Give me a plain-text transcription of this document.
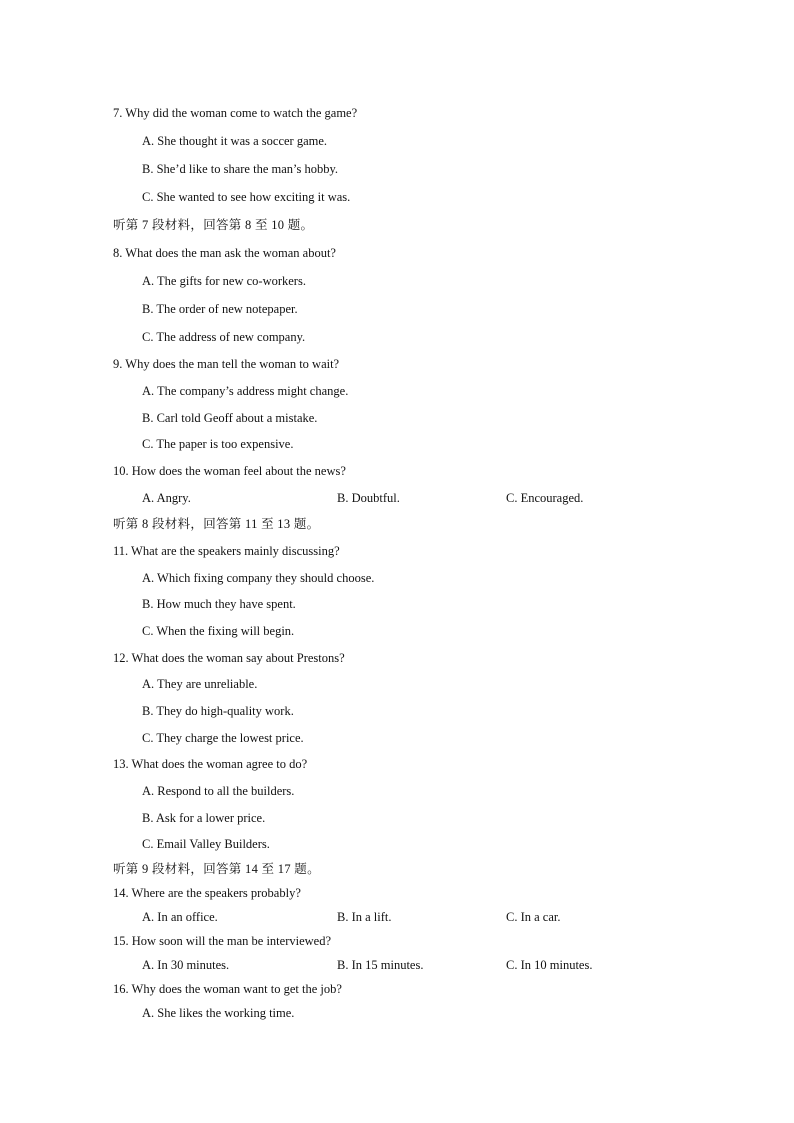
7. Why did the woman come to watch the game?
A. She thought it was a soccer game.
B. She’d like to share the man’s hobby.
C. She wanted to see how exciting it was.
听第 7 段材料，回答第 8 至 10 题。
8. What does the man ask the woman about?
A. The gifts for new co-workers.
B. The order of new notepaper.
C. The address of new company.
9. Why does the man tell the woman to wait?
A. The company’s address might change.
B. Carl told Geoff about a mistake.
C. The paper is too expensive.
10. How does the woman feel about the news?
A. Angry.	B. Doubtful.	C. Encouraged.
听第 8 段材料，回答第 11 至 13 题。
11. What are the speakers mainly discussing?
A. Which fixing company they should choose.
B. How much they have spent.
C. When the fixing will begin.
12. What does the woman say about Prestons?
A. They are unreliable.
B. They do high-quality work.
C. They charge the lowest price.
13. What does the woman agree to do?
A. Respond to all the builders.
B. Ask for a lower price.
C. Email Valley Builders.
听第 9 段材料，回答第 14 至 17 题。
14. Where are the speakers probably?
A. In an office.	B. In a lift.	C. In a car.
15. How soon will the man be interviewed?
A. In 30 minutes.	B. In 15 minutes.	C. In 10 minutes.
16. Why does the woman want to get the job?
A. She likes the working time.
